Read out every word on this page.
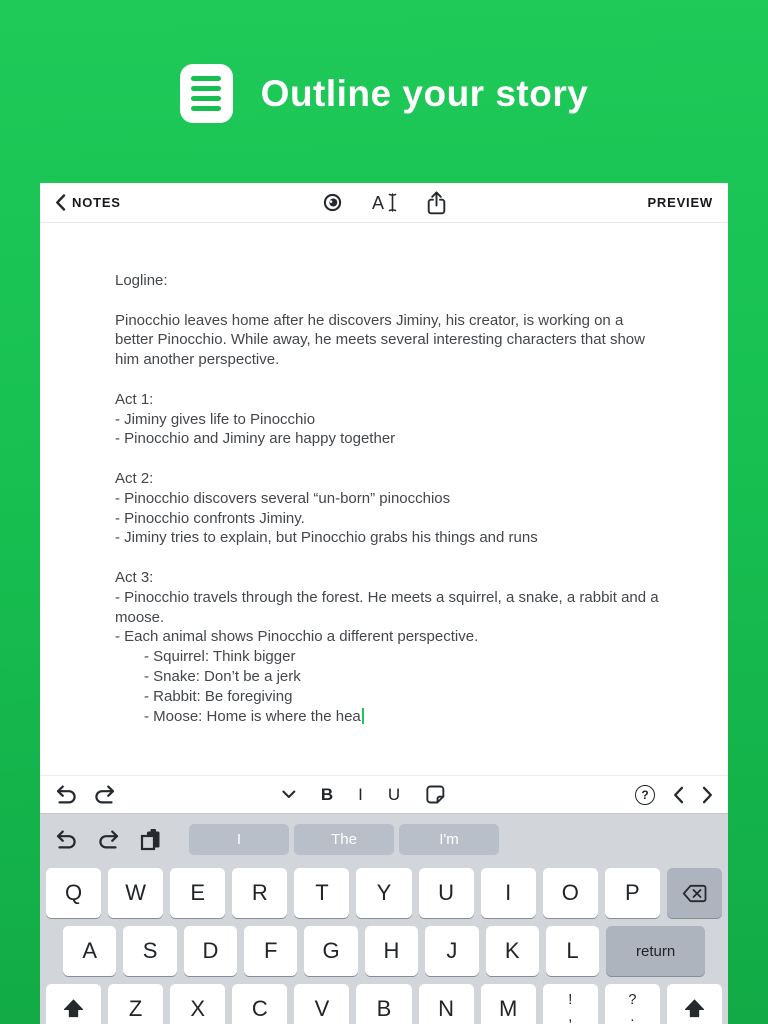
Outline your story
NOTES	A	PREVIEW
Logline:
Pinocchio leaves home after he discovers Jiminy, his creator, is working on a better Pinocchio. While away, he meets several interesting characters that show him another perspective.
Act 1:
- Jiminy gives life to Pinocchio
- Pinocchio and Jiminy are happy together
Act 2:
- Pinocchio discovers several “un-born” pinocchios
- Pinocchio confronts Jiminy.
- Jiminy tries to explain, but Pinocchio grabs his things and runs
Act 3:
- Pinocchio travels through the forest. He meets a squirrel, a snake, a rabbit and a moose.
- Each animal shows Pinocchio a different perspective.
- Squirrel: Think bigger
- Snake: Don’t be a jerk
- Rabbit: Be foregiving
- Moose: Home is where the hea
B I U	?
I	The	I'm
Q	W	E	R	T	Y	U	I	O	P
A	S	D	F	G	H	J	K	L	return
Z	X	C	V	B	N	M	!
,
?
.
